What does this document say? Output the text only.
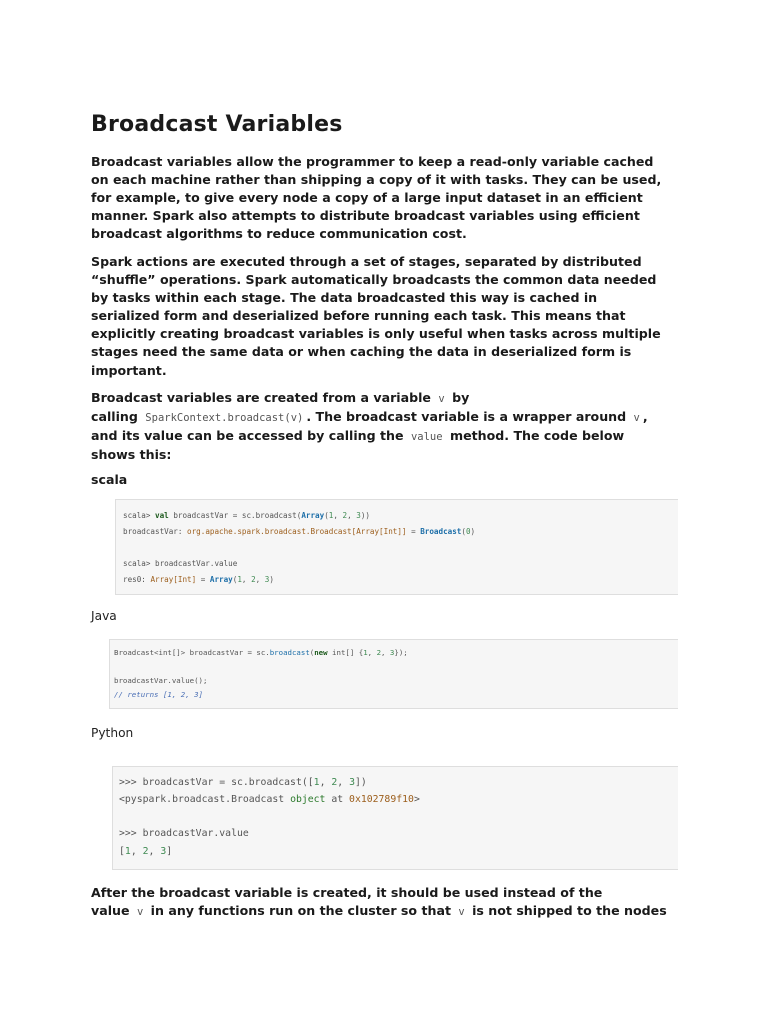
Broadcast Variables

Broadcast variables allow the programmer to keep a read-only variable cached
on each machine rather than shipping a copy of it with tasks. They can be used,
for example, to give every node a copy of a large input dataset in an efficient
manner. Spark also attempts to distribute broadcast variables using efficient
broadcast algorithms to reduce communication cost.

Spark actions are executed through a set of stages, separated by distributed
“shuffle” operations. Spark automatically broadcasts the common data needed
by tasks within each stage. The data broadcasted this way is cached in
serialized form and deserialized before running each task. This means that
explicitly creating broadcast variables is only useful when tasks across multiple
stages need the same data or when caching the data in deserialized form is
important.

Broadcast variables are created from a variable v by
calling SparkContext.broadcast(v) . The broadcast variable is a wrapper around v ,
and its value can be accessed by calling the value method. The code below
shows this:

scala

scala> val broadcastVar = sc.broadcast(Array(1, 2, 3))

broadcastVar: org.apache.spark.broadcast.Broadcast[Array[Int]] = Broadcast(0)

scala> broadcastVar.value

res0: Array[Int] = Array(1, 2, 3)

Java

Broadcast<int[]> broadcastVar = sc.broadcast(new int[] {1, 2, 3});

broadcastVar.value();

// returns [1, 2, 3]

Python

>>> broadcastVar = sc.broadcast([1, 2, 3])

<pyspark.broadcast.Broadcast object at 0x102789f10>

>>> broadcastVar.value

[1, 2, 3]

After the broadcast variable is created, it should be used instead of the
value v in any functions run on the cluster so that v is not shipped to the nodes
